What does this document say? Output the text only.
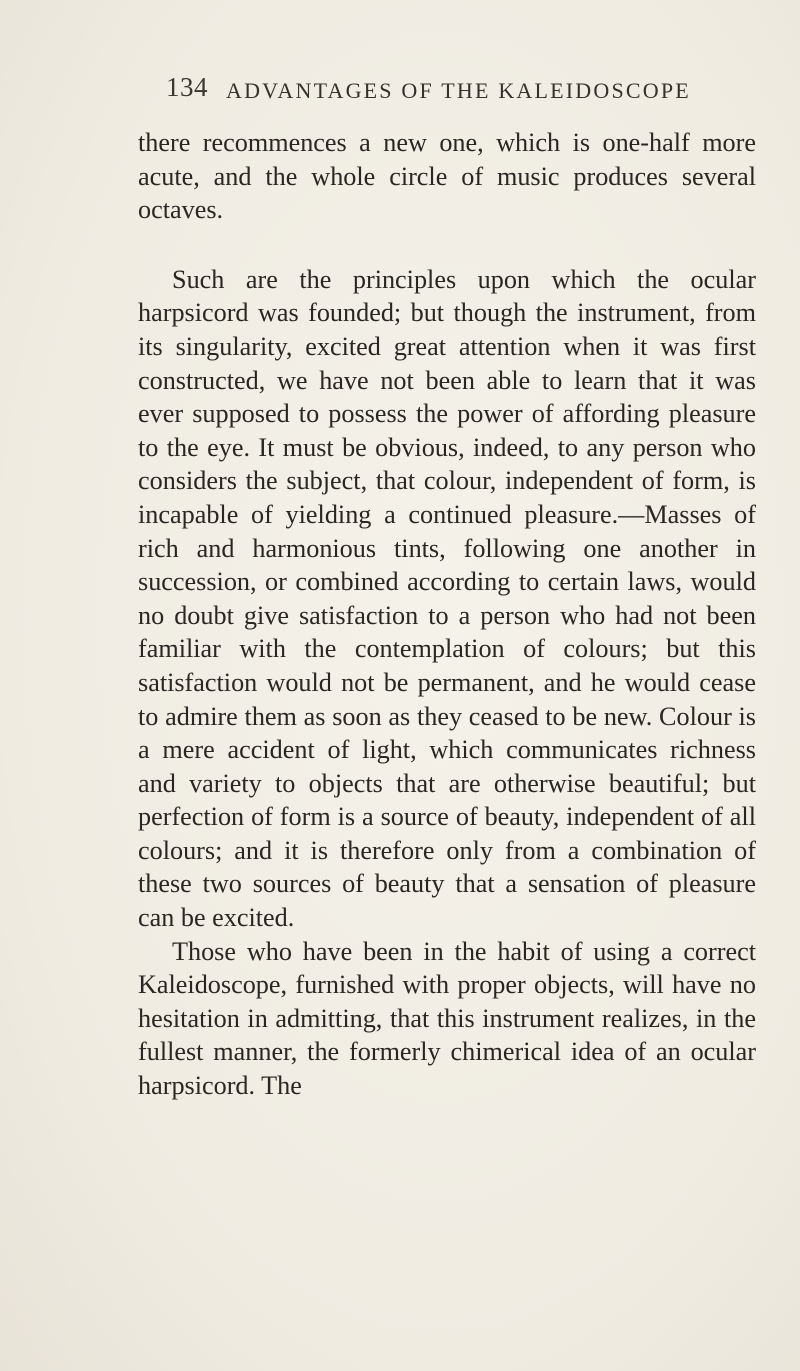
134 ADVANTAGES OF THE KALEIDOSCOPE

there recommences a new one, which is one-half more acute, and the whole circle of music produces several octaves.

Such are the principles upon which the ocular harpsicord was founded; but though the instrument, from its singularity, excited great attention when it was first constructed, we have not been able to learn that it was ever supposed to possess the power of affording pleasure to the eye. It must be obvious, indeed, to any person who considers the subject, that colour, independent of form, is incapable of yielding a continued pleasure.—Masses of rich and harmonious tints, following one another in succession, or combined according to certain laws, would no doubt give satisfaction to a person who had not been familiar with the contemplation of colours; but this satisfaction would not be permanent, and he would cease to admire them as soon as they ceased to be new. Colour is a mere accident of light, which communicates richness and variety to objects that are otherwise beautiful; but perfection of form is a source of beauty, independent of all colours; and it is therefore only from a combination of these two sources of beauty that a sensation of pleasure can be excited.

Those who have been in the habit of using a correct Kaleidoscope, furnished with proper objects, will have no hesitation in admitting, that this instrument realizes, in the fullest manner, the formerly chimerical idea of an ocular harpsicord. The
